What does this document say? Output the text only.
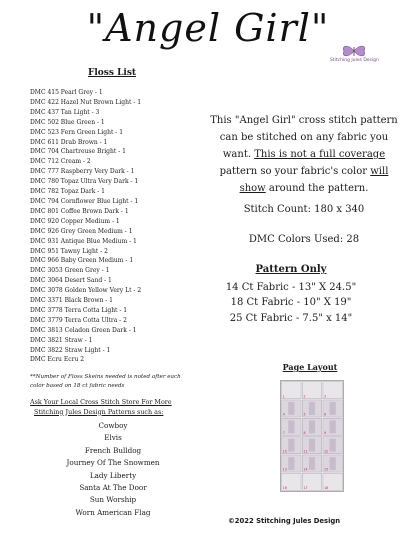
"Angel Girl"
Stitching Jules Design
Floss List
DMC 415 Pearl Grey - 1
DMC 422 Hazel Nut Brown Light - 1
DMC 437 Tan Light - 3
DMC 502 Blue Green - 1
DMC 523 Fern Green Light - 1
DMC 611 Drab Brown - 1
DMC 704 Chartreuse Bright - 1
DMC 712 Cream - 2
DMC 777 Raspberry Very Dark - 1
DMC 780 Topaz Ultra Very Dark - 1
DMC 782 Topaz Dark - 1
DMC 794 Cornflower Blue Light - 1
DMC 801 Coffee Brown Dark - 1
DMC 920 Copper Medium - 1
DMC 926 Grey Green Medium - 1
DMC 931 Antique Blue Medium - 1
DMC 951 Tawny Light - 2
DMC 966 Baby Green Medium - 1
DMC 3053 Green Grey - 1
DMC 3064 Desert Sand - 1
DMC 3078 Golden Yellow Very Lt - 2
DMC 3371 Black Brown - 1
DMC 3778 Terra Cotta Light - 1
DMC 3779 Terra Cotta Ultra - 2
DMC 3813 Celadon Green Dark - 1
DMC 3821 Straw - 1
DMC 3822 Straw Light - 1
DMC Ecru Ecru 2
**Number of Floss Skeins needed is noted after each
color based on 18 ct fabric needs
Ask Your Local Cross Stitch Store For More
Stitching Jules Design Patterns such as:
Cowboy
Elvis
French Bulldog
Journey Of The Snowmen
Lady Liberty
Santa At The Door
Sun Worship
Worn American Flag
This "Angel Girl" cross stitch pattern
can be stitched on any fabric you
want. This is not a full coverage
pattern so your fabric's color will
show around the pattern.
Stitch Count: 180 x 340
DMC Colors Used: 28
Pattern Only
14 Ct Fabric - 13" X 24.5"
18 Ct Fabric - 10" X 19"
25 Ct Fabric - 7.5" x 14"
Page Layout
1	2	3
4	5	6
7	8	9
10	11	12
13	14	15
16	17	18
©2022 Stitching Jules Design
